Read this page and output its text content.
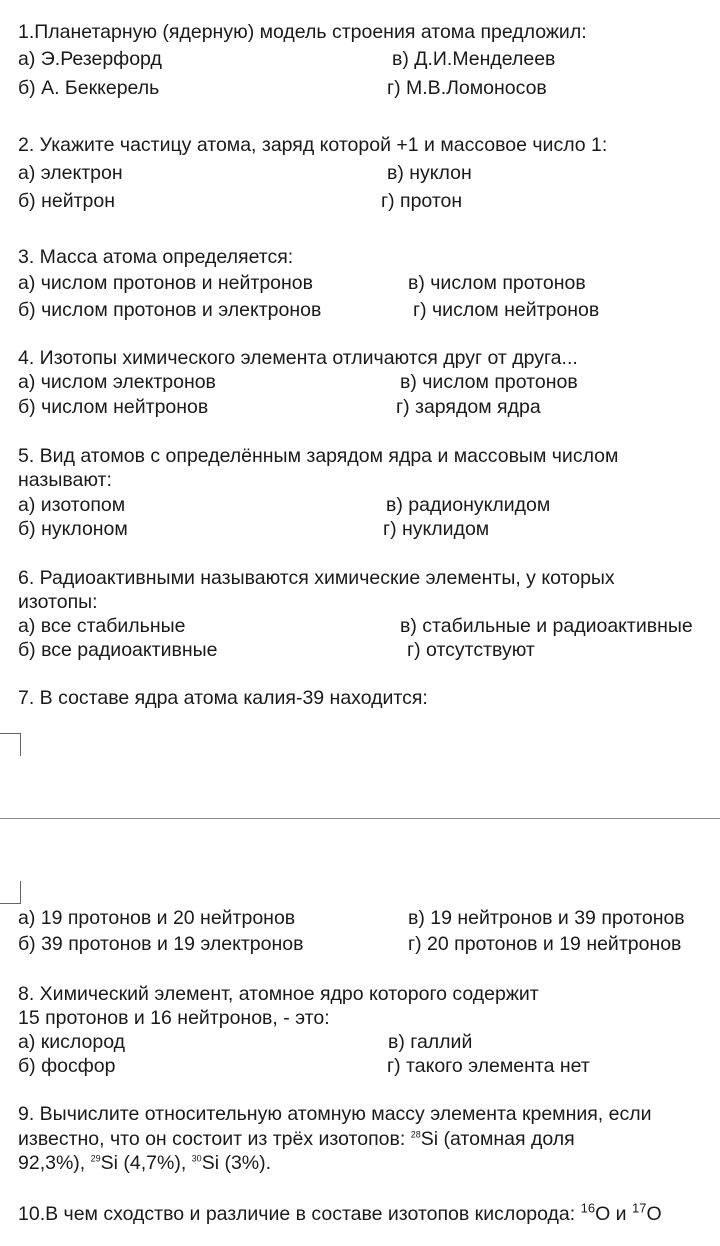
1.Планетарную (ядерную) модель строения атома предложил:
а) Э.Резерфорд	в) Д.И.Менделеев
б) А. Беккерель	г) М.В.Ломоносов
2. Укажите частицу атома, заряд которой +1 и массовое число 1:
а) электрон	в) нуклон
б) нейтрон	г) протон
3. Масса атома определяется:
а) числом протонов и нейтронов	в) числом протонов
б) числом протонов и электронов	г) числом нейтронов
4. Изотопы химического элемента отличаются друг от друга...
а) числом электронов	в) числом протонов
б) числом нейтронов	г) зарядом ядра
5. Вид атомов с определённым зарядом ядра и массовым числом
называют:
а) изотопом	в) радионуклидом
б) нуклоном	г) нуклидом
6. Радиоактивными называются химические элементы, у которых
изотопы:
а) все стабильные	в) стабильные и радиоактивные
б) все радиоактивные	г) отсутствуют
7. В составе ядра атома калия-39 находится:
а) 19 протонов и 20 нейтронов	в) 19 нейтронов и 39 протонов
б) 39 протонов и 19 электронов	г) 20 протонов и 19 нейтронов
8. Химический элемент, атомное ядро которого содержит
15 протонов и 16 нейтронов, - это:
а) кислород	в) галлий
б) фосфор	г) такого элемента нет
9. Вычислите относительную атомную массу элемента кремния, если
известно, что он состоит из трёх изотопов: $^{28}$Si (атомная доля
92,3%), $^{29}$Si (4,7%), $^{30}$Si (3%).
10.В чем сходство и различие в составе изотопов кислорода: $^{16}$О и $^{17}$О
